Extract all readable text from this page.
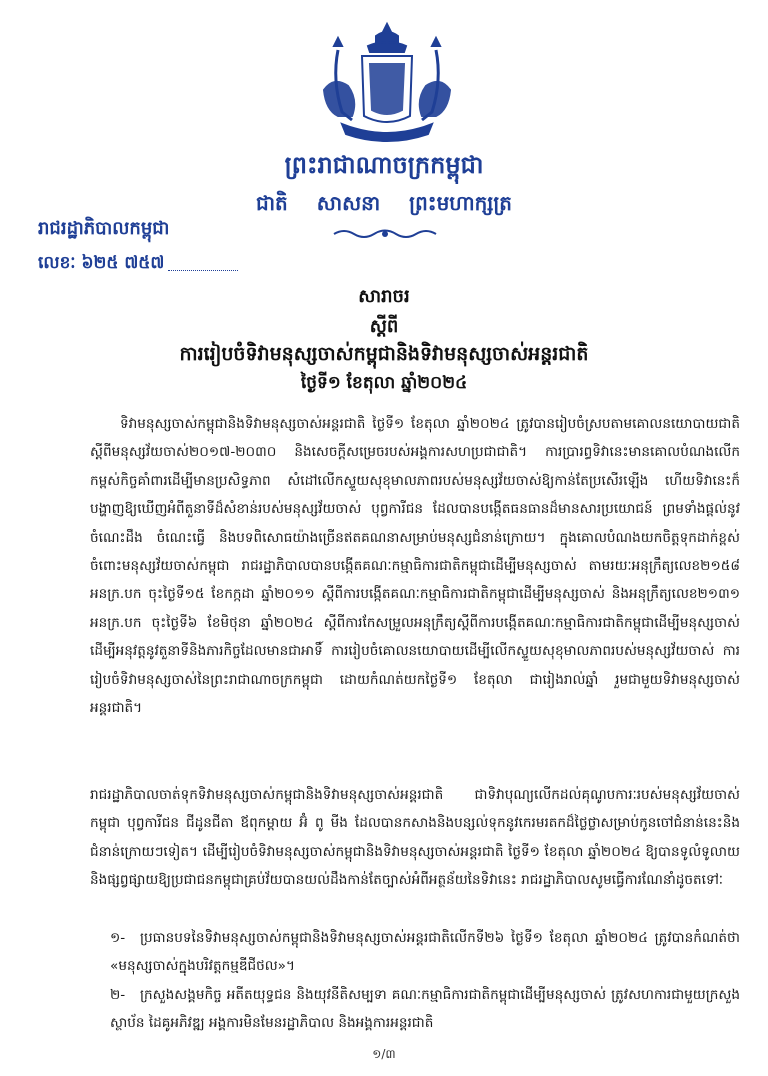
ព្រះរាជាណាចក្រកម្ពុជា
ជាតិ សាសនា ព្រះមហាក្សត្រ
រាជរដ្ឋាភិបាលកម្ពុជា
លេខៈ ៦២៥ ៧៥៧
សារាចរ
ស្តីពី
ការរៀបចំទិវាមនុស្សចាស់កម្ពុជានិងទិវាមនុស្សចាស់អន្តរជាតិ
ថ្ងៃទី១ ខែតុលា ឆ្នាំ២០២៤
ទិវាមនុស្សចាស់កម្ពុជានិងទិវាមនុស្សចាស់អន្តរជាតិ ថ្ងៃទី១ ខែតុលា ឆ្នាំ២០២៤ ត្រូវបានរៀបចំស្របតាមគោលនយោបាយជាតិស្តីពីមនុស្សវ័យចាស់២០១៧-២០៣០ និងសេចក្តីសម្រេចរបស់អង្គការសហប្រជាជាតិ។ ការប្រារព្ធទិវានេះមានគោលបំណងលើកកម្ពស់កិច្ចគាំពារដើម្បីមានប្រសិទ្ធភាព សំដៅលើកស្ទួយសុខុមាលភាពរបស់មនុស្សវ័យចាស់ឱ្យកាន់តែប្រសើរឡើង ហើយទិវានេះក៏បង្ហាញឱ្យឃើញអំពីតួនាទីដ៏សំខាន់របស់មនុស្សវ័យចាស់ បុព្វការីជន ដែលបានបង្កើតធនធានដ៏មានសារប្រយោជន៍ ព្រមទាំងផ្តល់នូវចំណេះដឹង ចំណេះធ្វើ និងបទពិសោធយ៉ាងច្រើនឥតគណនាសម្រាប់មនុស្សជំនាន់ក្រោយ។ ក្នុងគោលបំណងយកចិត្តទុកដាក់ខ្ពស់ចំពោះមនុស្សវ័យចាស់កម្ពុជា រាជរដ្ឋាភិបាលបានបង្កើតគណៈកម្មាធិការជាតិកម្ពុជាដើម្បីមនុស្សចាស់ តាមរយៈអនុក្រឹត្យលេខ២១៥៨ អនក្រ.បក ចុះថ្ងៃទី១៥ ខែកក្កដា ឆ្នាំ២០១១ ស្តីពីការបង្កើតគណៈកម្មាធិការជាតិកម្ពុជាដើម្បីមនុស្សចាស់ និងអនុក្រឹត្យលេខ២១៣១ អនក្រ.បក ចុះថ្ងៃទី៦ ខែមិថុនា ឆ្នាំ២០២៤ ស្តីពីការកែសម្រួលអនុក្រឹត្យស្តីពីការបង្កើតគណៈកម្មាធិការជាតិកម្ពុជាដើម្បីមនុស្សចាស់ ដើម្បីអនុវត្តនូវតួនាទីនិងភារកិច្ចដែលមានជាអាទិ៍ ការរៀបចំគោលនយោបាយដើម្បីលើកស្ទួយសុខុមាលភាពរបស់មនុស្សវ័យចាស់ ការរៀបចំទិវាមនុស្សចាស់នៃព្រះរាជាណាចក្រកម្ពុជា ដោយកំណត់យកថ្ងៃទី១ ខែតុលា ជារៀងរាល់ឆ្នាំ រួមជាមួយទិវាមនុស្សចាស់អន្តរជាតិ។
រាជរដ្ឋាភិបាលចាត់ទុកទិវាមនុស្សចាស់កម្ពុជានិងទិវាមនុស្សចាស់អន្តរជាតិ ជាទិវាបុណ្យលើកដល់គុណូបការៈរបស់មនុស្សវ័យចាស់កម្ពុជា បុព្វការីជន ជីដូនជីតា ឪពុកម្តាយ អ៊ំ ពូ មីង ដែលបានកសាងនិងបន្សល់ទុកនូវកេរមរតកដ៏ថ្លៃថ្លាសម្រាប់កូនចៅជំនាន់នេះនិងជំនាន់ក្រោយៗទៀត។ ដើម្បីរៀបចំទិវាមនុស្សចាស់កម្ពុជានិងទិវាមនុស្សចាស់អន្តរជាតិ ថ្ងៃទី១ ខែតុលា ឆ្នាំ២០២៤ ឱ្យបានទូលំទូលាយនិងផ្សព្វផ្សាយឱ្យប្រជាជនកម្ពុជាគ្រប់វ័យបានយល់ដឹងកាន់តែច្បាស់អំពីអត្ថន័យនៃទិវានេះ រាជរដ្ឋាភិបាលសូមធ្វើការណែនាំដូចតទៅៈ
១- ប្រធានបទនៃទិវាមនុស្សចាស់កម្ពុជានិងទិវាមនុស្សចាស់អន្តរជាតិលើកទី២៦ ថ្ងៃទី១ ខែតុលា ឆ្នាំ២០២៤ ត្រូវបានកំណត់ថា «មនុស្សចាស់ក្នុងបរិវត្តកម្មឌីជីថល»។
២- ក្រសួងសង្គមកិច្ច អតីតយុទ្ធជន និងយុវនីតិសម្បទា គណៈកម្មាធិការជាតិកម្ពុជាដើម្បីមនុស្សចាស់ ត្រូវសហការជាមួយក្រសួង ស្ថាប័ន ដៃគូអភិវឌ្ឍ អង្គការមិនមែនរដ្ឋាភិបាល និងអង្គការអន្តរជាតិ
១/៣
